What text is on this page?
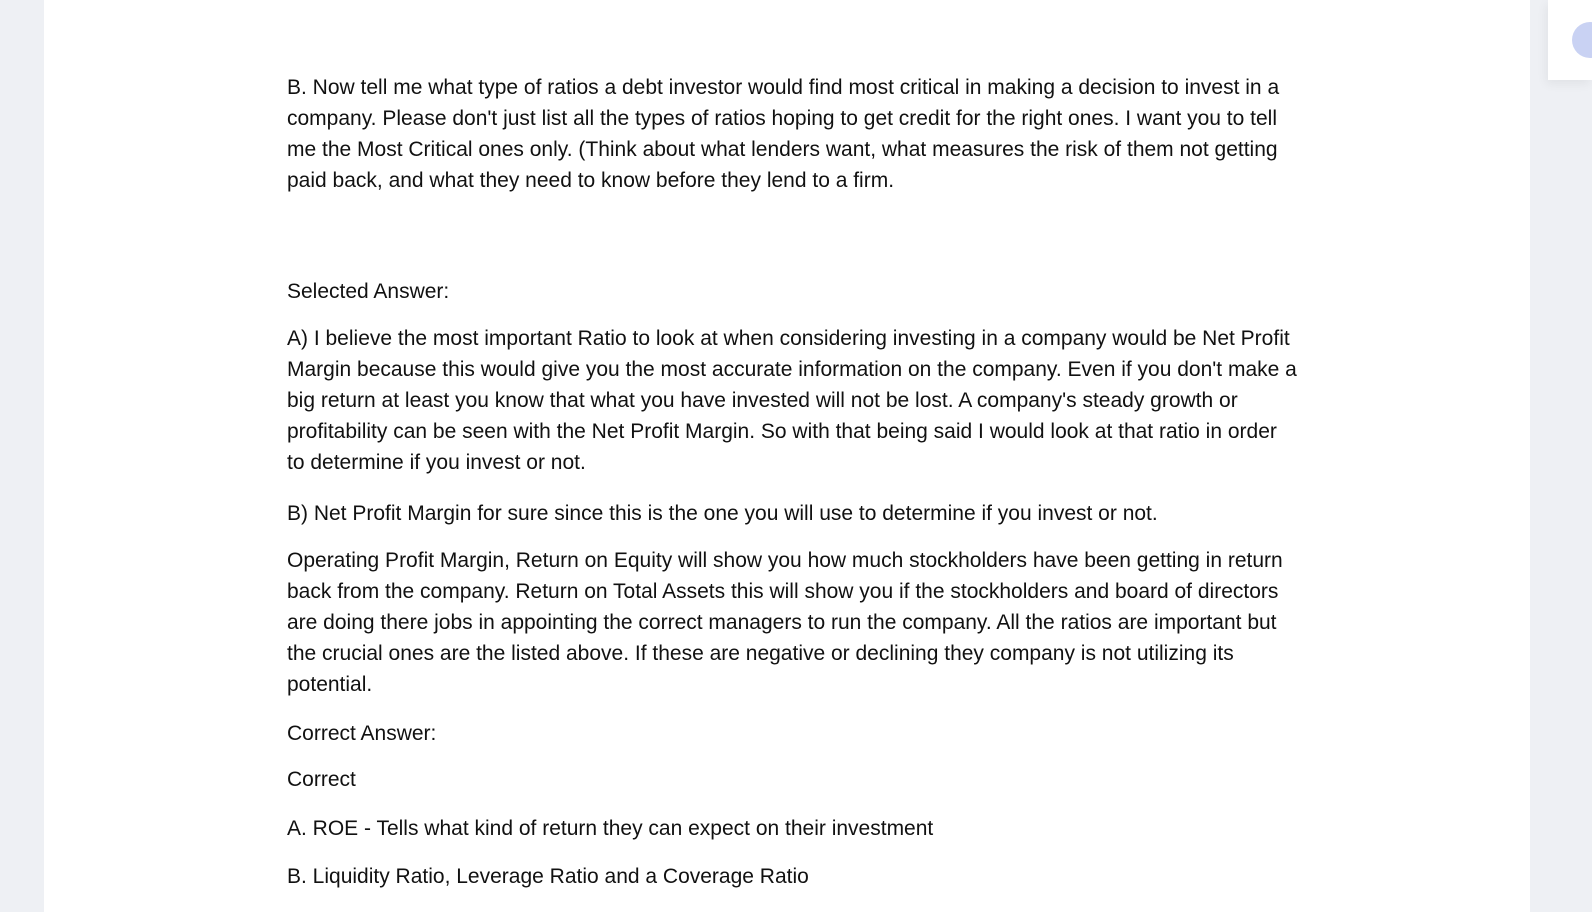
B. Now tell me what type of ratios a debt investor would find most critical in making a decision to invest in a company. Please don't just list all the types of ratios hoping to get credit for the right ones. I want you to tell me the Most Critical ones only. (Think about what lenders want, what measures the risk of them not getting paid back, and what they need to know before they lend to a firm.

Selected Answer:

A) I believe the most important Ratio to look at when considering investing in a company would be Net Profit Margin because this would give you the most accurate information on the company. Even if you don't make a big return at least you know that what you have invested will not be lost. A company's steady growth or profitability can be seen with the Net Profit Margin. So with that being said I would look at that ratio in order to determine if you invest or not.

B) Net Profit Margin for sure since this is the one you will use to determine if you invest or not.

Operating Profit Margin, Return on Equity will show you how much stockholders have been getting in return back from the company. Return on Total Assets this will show you if the stockholders and board of directors are doing there jobs in appointing the correct managers to run the company. All the ratios are important but the crucial ones are the listed above. If these are negative or declining they company is not utilizing its potential.

Correct Answer:

Correct

A. ROE - Tells what kind of return they can expect on their investment

B. Liquidity Ratio, Leverage Ratio and a Coverage Ratio
